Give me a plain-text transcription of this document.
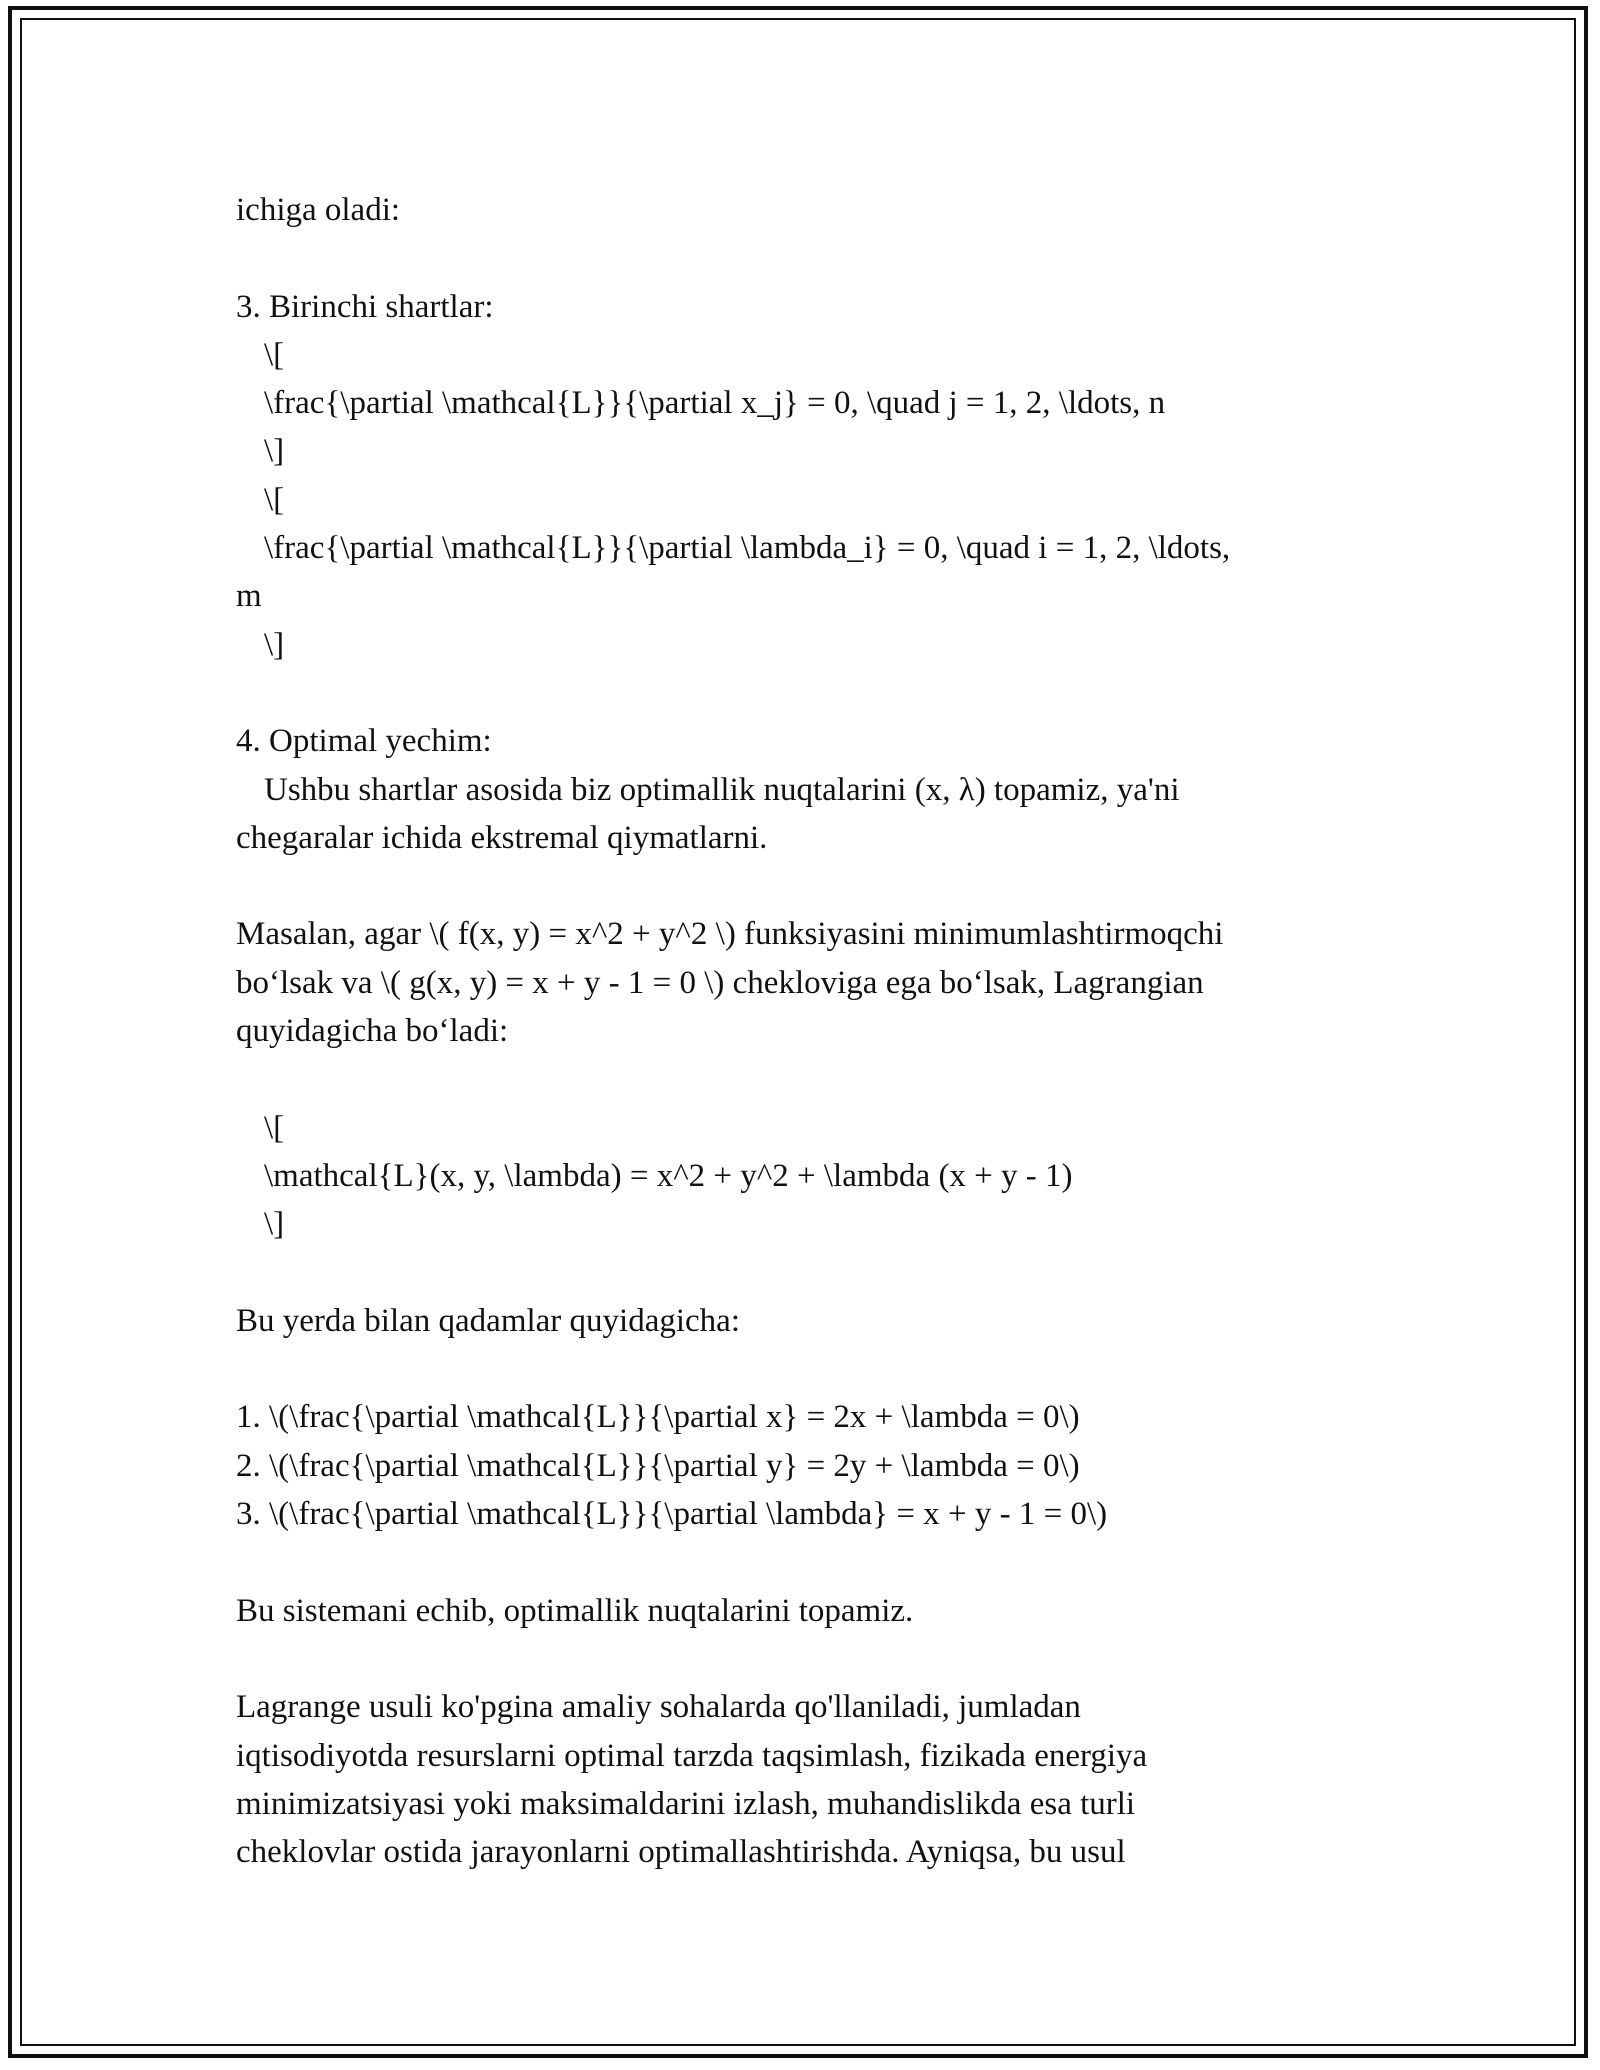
ichiga oladi:
3. Birinchi shartlar:
\[
\frac{\partial \mathcal{L}}{\partial x_j} = 0, \quad j = 1, 2, \ldots, n
\]
\[
\frac{\partial \mathcal{L}}{\partial \lambda_i} = 0, \quad i = 1, 2, \ldots,
m
\]
4. Optimal yechim:
Ushbu shartlar asosida biz optimallik nuqtalarini (x, λ) topamiz, ya'ni
chegaralar ichida ekstremal qiymatlarni.
Masalan, agar \( f(x, y) = x^2 + y^2 \) funksiyasini minimumlashtirmoqchi
bo‘lsak va \( g(x, y) = x + y - 1 = 0 \) chekloviga ega bo‘lsak, Lagrangian
quyidagicha bo‘ladi:
\[
\mathcal{L}(x, y, \lambda) = x^2 + y^2 + \lambda (x + y - 1)
\]
Bu yerda bilan qadamlar quyidagicha:
1. \(\frac{\partial \mathcal{L}}{\partial x} = 2x + \lambda = 0\)
2. \(\frac{\partial \mathcal{L}}{\partial y} = 2y + \lambda = 0\)
3. \(\frac{\partial \mathcal{L}}{\partial \lambda} = x + y - 1 = 0\)
Bu sistemani echib, optimallik nuqtalarini topamiz.
Lagrange usuli ko'pgina amaliy sohalarda qo'llaniladi, jumladan
iqtisodiyotda resurslarni optimal tarzda taqsimlash, fizikada energiya
minimizatsiyasi yoki maksimaldarini izlash, muhandislikda esa turli
cheklovlar ostida jarayonlarni optimallashtirishda. Ayniqsa, bu usul
